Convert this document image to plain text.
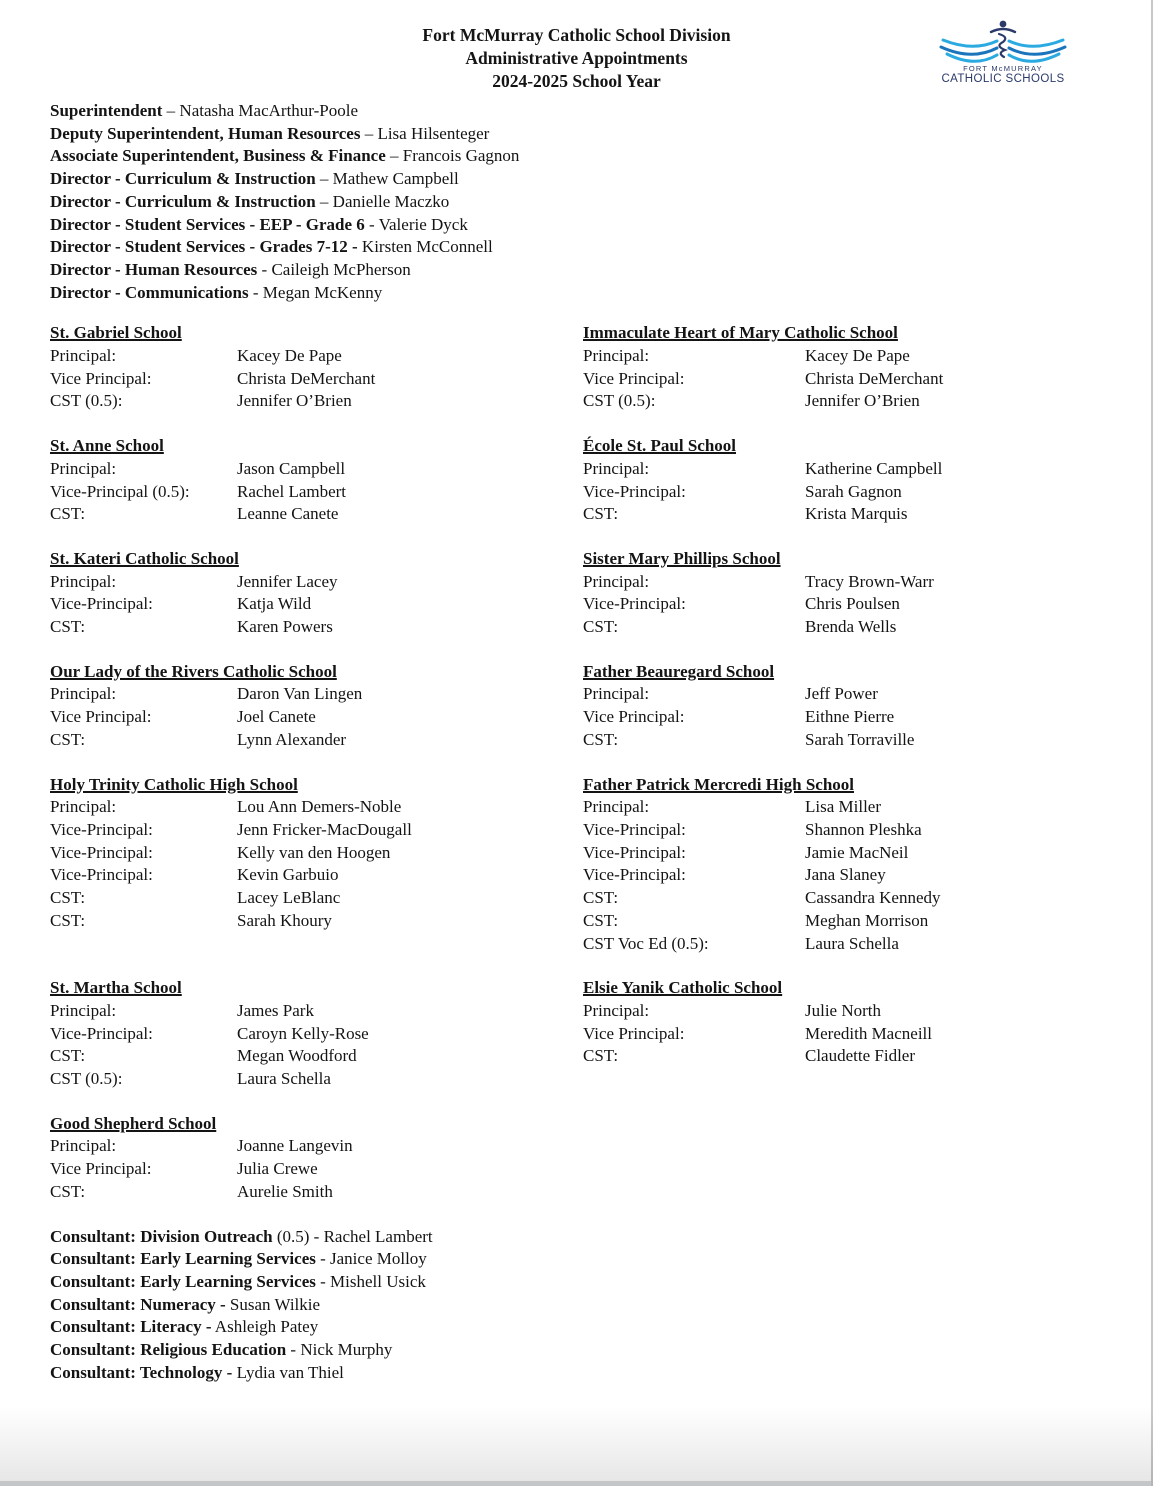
Fort McMurray Catholic School Division
Administrative Appointments
2024-2025 School Year
FORT McMURRAY
CATHOLIC SCHOOLS
Superintendent – Natasha MacArthur-Poole
Deputy Superintendent, Human Resources – Lisa Hilsenteger
Associate Superintendent, Business & Finance – Francois Gagnon
Director - Curriculum & Instruction – Mathew Campbell
Director - Curriculum & Instruction – Danielle Maczko
Director - Student Services - EEP - Grade 6 - Valerie Dyck
Director - Student Services - Grades 7-12 - Kirsten McConnell
Director - Human Resources - Caileigh McPherson
Director - Communications - Megan McKenny
St. Gabriel School
Principal:	Kacey De Pape
Vice Principal:	Christa DeMerchant
CST (0.5):	Jennifer O’Brien
Immaculate Heart of Mary Catholic School
Principal:	Kacey De Pape
Vice Principal:	Christa DeMerchant
CST (0.5):	Jennifer O’Brien
St. Anne School
Principal:	Jason Campbell
Vice-Principal (0.5):	Rachel Lambert
CST:	Leanne Canete
École St. Paul School
Principal:	Katherine Campbell
Vice-Principal:	Sarah Gagnon
CST:	Krista Marquis
St. Kateri Catholic School
Principal:	Jennifer Lacey
Vice-Principal:	Katja Wild
CST:	Karen Powers
Sister Mary Phillips School
Principal:	Tracy Brown-Warr
Vice-Principal:	Chris Poulsen
CST:	Brenda Wells
Our Lady of the Rivers Catholic School
Principal:	Daron Van Lingen
Vice Principal:	Joel Canete
CST:	Lynn Alexander
Father Beauregard School
Principal:	Jeff Power
Vice Principal:	Eithne Pierre
CST:	Sarah Torraville
Holy Trinity Catholic High School
Principal:	Lou Ann Demers-Noble
Vice-Principal:	Jenn Fricker-MacDougall
Vice-Principal:	Kelly van den Hoogen
Vice-Principal:	Kevin Garbuio
CST:	Lacey LeBlanc
CST:	Sarah Khoury
Father Patrick Mercredi High School
Principal:	Lisa Miller
Vice-Principal:	Shannon Pleshka
Vice-Principal:	Jamie MacNeil
Vice-Principal:	Jana Slaney
CST:	Cassandra Kennedy
CST:	Meghan Morrison
CST Voc Ed (0.5):	Laura Schella
St. Martha School
Principal:	James Park
Vice-Principal:	Caroyn Kelly-Rose
CST:	Megan Woodford
CST (0.5):	Laura Schella
Elsie Yanik Catholic School
Principal:	Julie North
Vice Principal:	Meredith Macneill
CST:	Claudette Fidler
Good Shepherd School
Principal:	Joanne Langevin
Vice Principal:	Julia Crewe
CST:	Aurelie Smith
Consultant: Division Outreach (0.5) - Rachel Lambert
Consultant: Early Learning Services - Janice Molloy
Consultant: Early Learning Services - Mishell Usick
Consultant: Numeracy - Susan Wilkie
Consultant: Literacy - Ashleigh Patey
Consultant: Religious Education - Nick Murphy
Consultant: Technology - Lydia van Thiel
